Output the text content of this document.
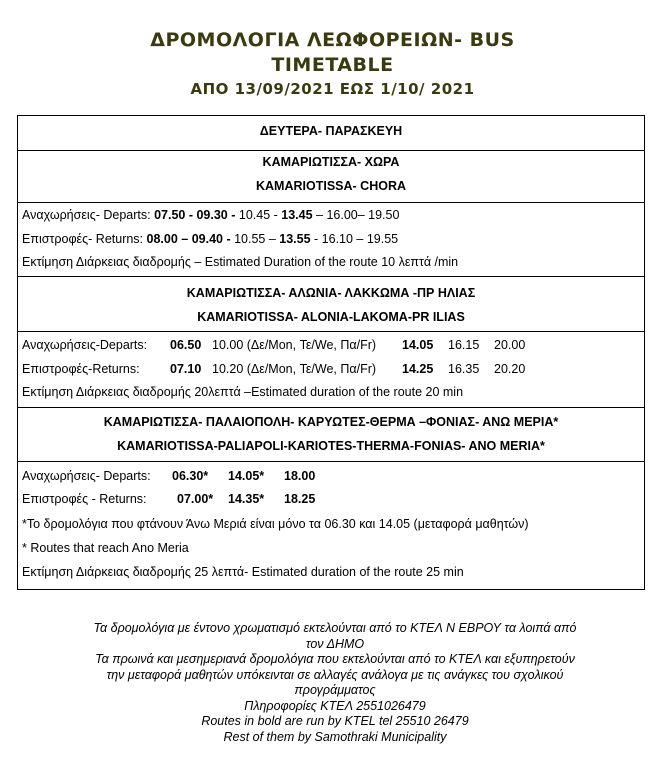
ΔΡΟΜΟΛΟΓΙΑ ΛΕΩΦΟΡΕΙΩΝ- BUS
TIMETABLE
ΑΠΟ 13/09/2021 ΕΩΣ 1/10/ 2021
ΔΕΥΤΕΡΑ- ΠΑΡΑΣΚΕΥΗ
ΚΑΜΑΡΙΩΤΙΣΣΑ- ΧΩΡΑ
KAMARIOTISSA- CHORA
Αναχωρήσεις- Departs: 07.50 - 09.30 - 10.45 - 13.45 – 16.00– 19.50
Επιστροφές- Returns: 08.00 – 09.40 - 10.55 – 13.55 - 16.10 – 19.55
Εκτίμηση Διάρκειας διαδρομής – Estimated Duration of the route 10 λεπτά /min
ΚΑΜΑΡΙΩΤΙΣΣΑ- ΑΛΩΝΙΑ- ΛΑΚΚΩΜΑ -ΠΡ ΗΛΙΑΣ
KAMARIOTISSA- ALONIA-LAKOMA-PR ILIAS
Αναχωρήσεις-Departs: 06.50 10.00 (Δε/Mon, Τε/We, Πα/Fr) 14.05 16.15 20.00
Επιστροφές-Returns: 07.10 10.20 (Δε/Mon, Τε/We, Πα/Fr) 14.25 16.35 20.20
Εκτίμηση Διάρκειας διαδρομής 20λεπτά –Estimated duration of the route 20 min
ΚΑΜΑΡΙΩΤΙΣΣΑ- ΠΑΛΑΙΟΠΟΛΗ- ΚΑΡΥΩΤΕΣ-ΘΕΡΜΑ –ΦΟΝΙΑΣ- ΑΝΩ ΜΕΡΙΑ*
KAMARIOTISSA-PALIAPOLI-KARIOTES-THERMA-FONIAS- ANO MERIA*
Αναχωρήσεις- Departs: 06.30* 14.05* 18.00
Επιστροφές - Returns: 07.00* 14.35* 18.25
*Το δρομολόγια που φτάνουν Άνω Μεριά είναι μόνο τα 06.30 και 14.05 (μεταφορά μαθητών)
* Routes that reach Ano Meria
Εκτίμηση Διάρκειας διαδρομής 25 λεπτά- Estimated duration of the route 25 min
Τα δρομολόγια με έντονο χρωματισμό εκτελούνται από το ΚΤΕΛ Ν ΕΒΡΟΥ τα λοιπά από
τον ΔΗΜΟ
Τα πρωινά και μεσημεριανά δρομολόγια που εκτελούνται από το ΚΤΕΛ και εξυπηρετούν
την μεταφορά μαθητών υπόκεινται σε αλλαγές ανάλογα με τις ανάγκες του σχολικού
προγράμματος
Πληροφορίες ΚΤΕΛ 2551026479
Routes in bold are run by KTEL tel 25510 26479
Rest of them by Samothraki Municipality
